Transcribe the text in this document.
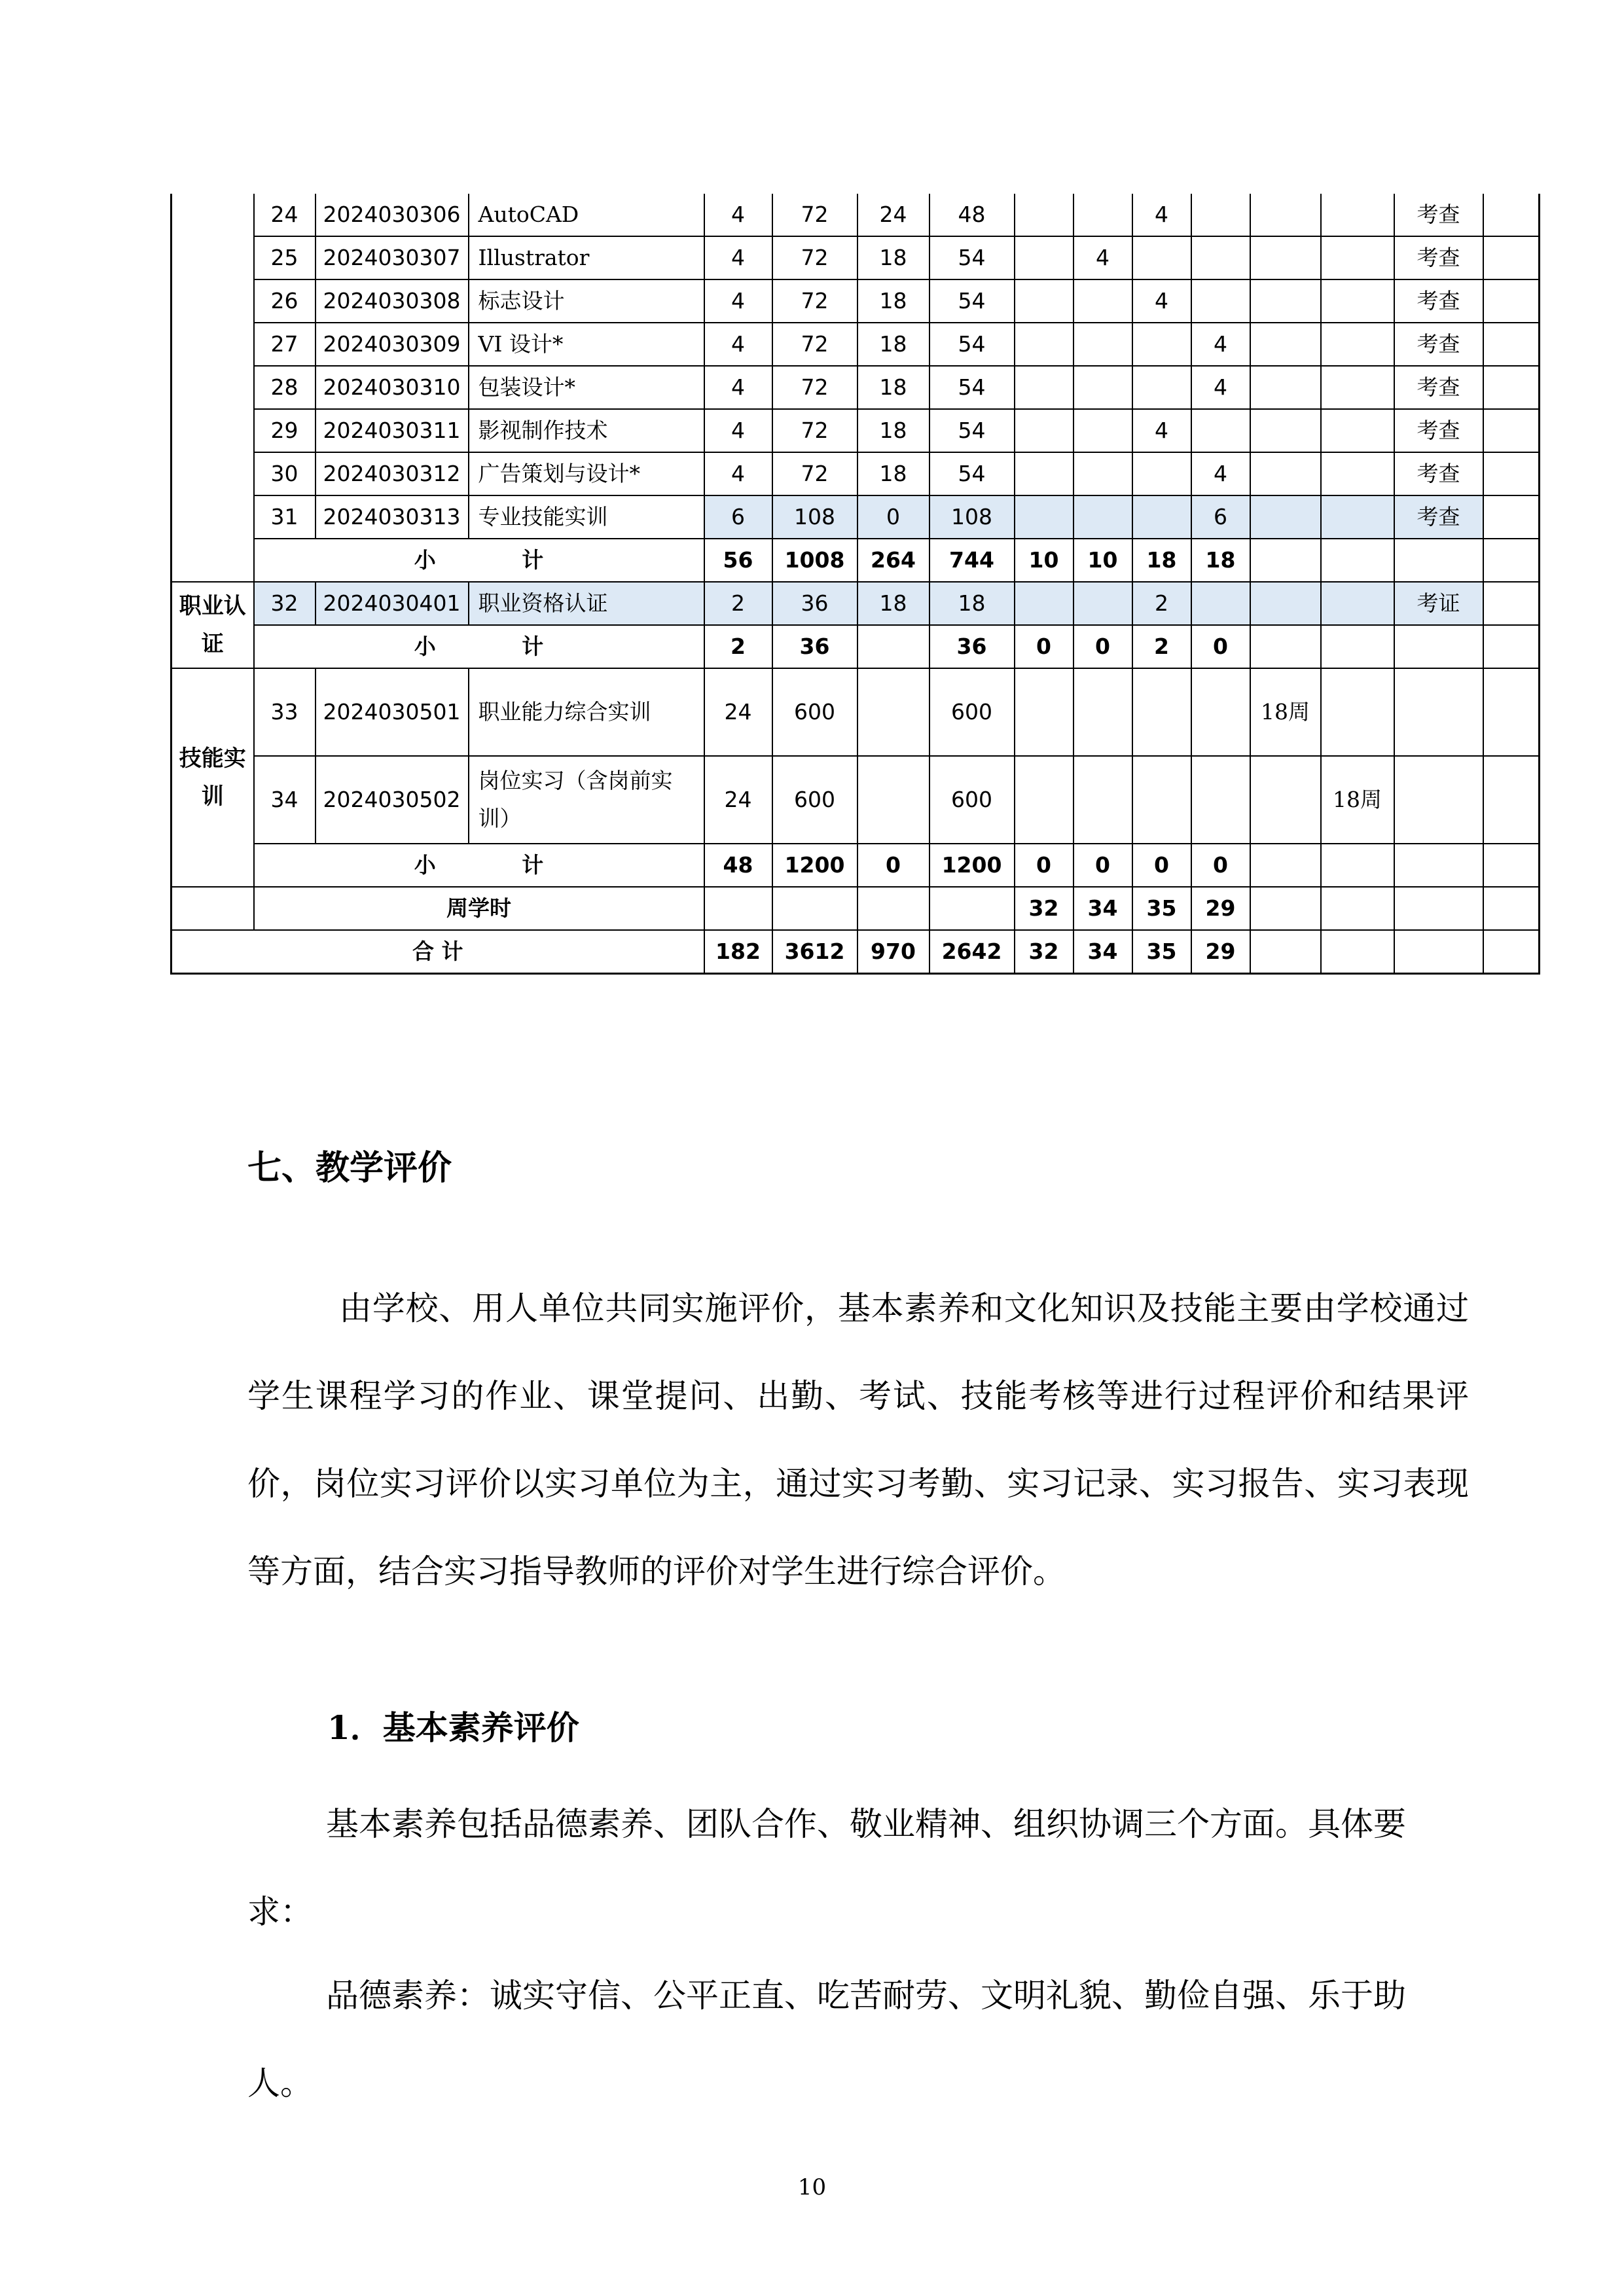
	24	2024030306	AutoCAD	4	72	24	48			4				考查	
	25	2024030307	Illustrator	4	72	18	54		4					考查	
	26	2024030308	标志设计	4	72	18	54			4				考查	
	27	2024030309	VI 设计*	4	72	18	54				4			考查	
	28	2024030310	包装设计*	4	72	18	54				4			考查	
	29	2024030311	影视制作技术	4	72	18	54			4				考查	
	30	2024030312	广告策划与设计*	4	72	18	54				4			考查	
	31	2024030313	专业技能实训	6	108	0	108				6			考查	
	小 计			56	1008	264	744	10	10	18	18				
职业认证	32	2024030401	职业资格认证	2	36	18	18			2				考证	
	小 计			2	36		36	0	0	2	0				
技能实训	33	2024030501	职业能力综合实训	24	600		600					18周			
	34	2024030502	岗位实习（含岗前实训）	24	600		600						18周		
	小 计			48	1200	0	1200	0	0	0	0				
	周学时							32	34	35	29				
合 计				182	3612	970	2642	32	34	35	29				
七、教学评价

由学校、用人单位共同实施评价，基本素养和文化知识及技能主要由学校通过学生课程学习的作业、课堂提问、出勤、考试、技能考核等进行过程评价和结果评价，岗位实习评价以实习单位为主，通过实习考勤、实习记录、实习报告、实习表现等方面，结合实习指导教师的评价对学生进行综合评价。

1．基本素养评价

基本素养包括品德素养、团队合作、敬业精神、组织协调三个方面。具体要求：

品德素养：诚实守信、公平正直、吃苦耐劳、文明礼貌、勤俭自强、乐于助人。

10
